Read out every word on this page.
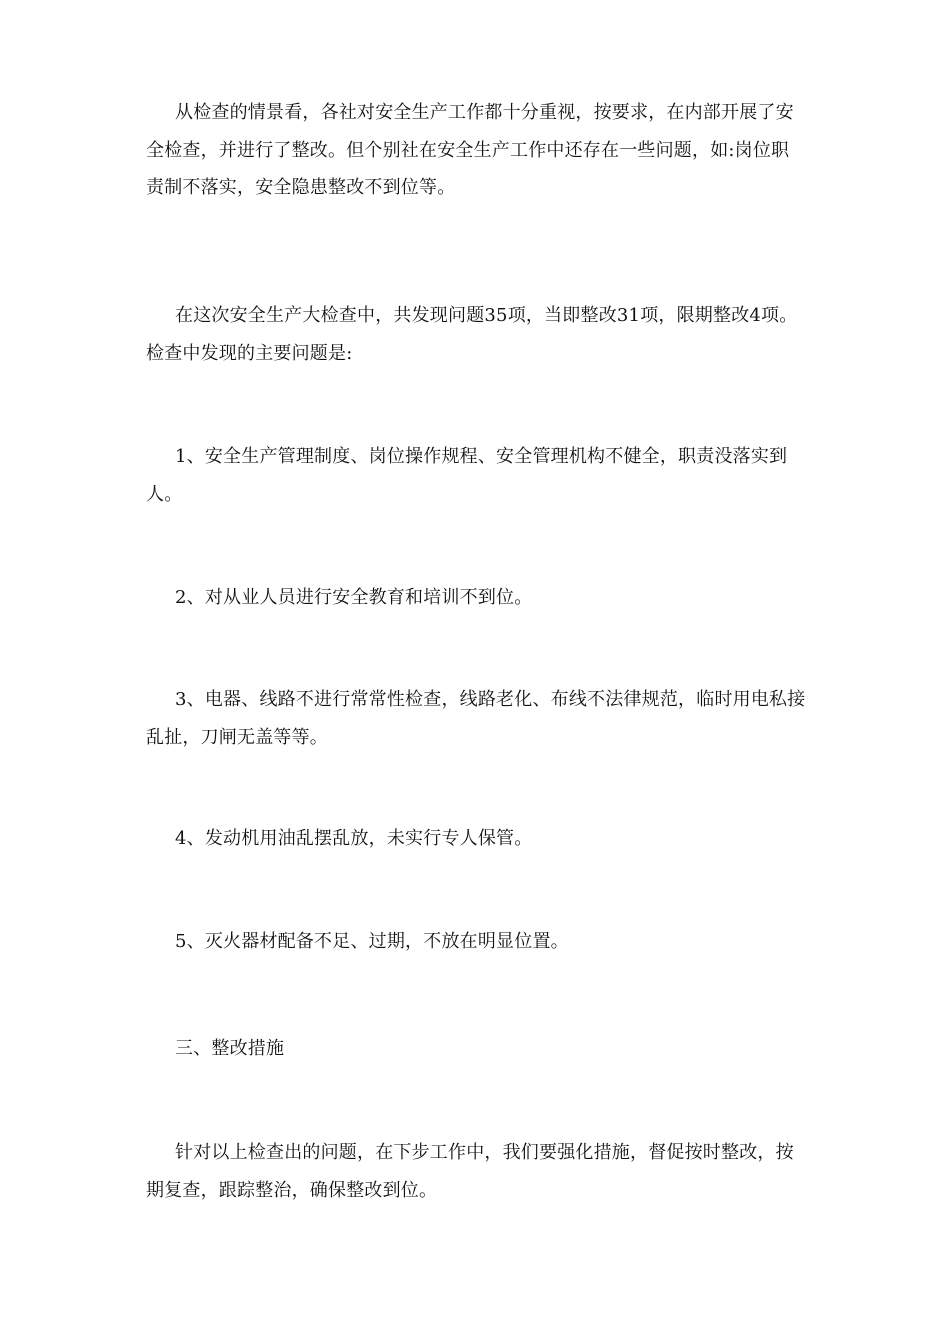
从检查的情景看，各社对安全生产工作都十分重视，按要求，在内部开展了安全检查，并进行了整改。但个别社在安全生产工作中还存在一些问题，如:岗位职责制不落实，安全隐患整改不到位等。

在这次安全生产大检查中，共发现问题35项，当即整改31项，限期整改4项。检查中发现的主要问题是:

1、安全生产管理制度、岗位操作规程、安全管理机构不健全，职责没落实到人。

2、对从业人员进行安全教育和培训不到位。

3、电器、线路不进行常常性检查，线路老化、布线不法律规范，临时用电私接乱扯，刀闸无盖等等。

4、发动机用油乱摆乱放，未实行专人保管。

5、灭火器材配备不足、过期，不放在明显位置。

三、整改措施

针对以上检查出的问题，在下步工作中，我们要强化措施，督促按时整改，按期复查，跟踪整治，确保整改到位。
